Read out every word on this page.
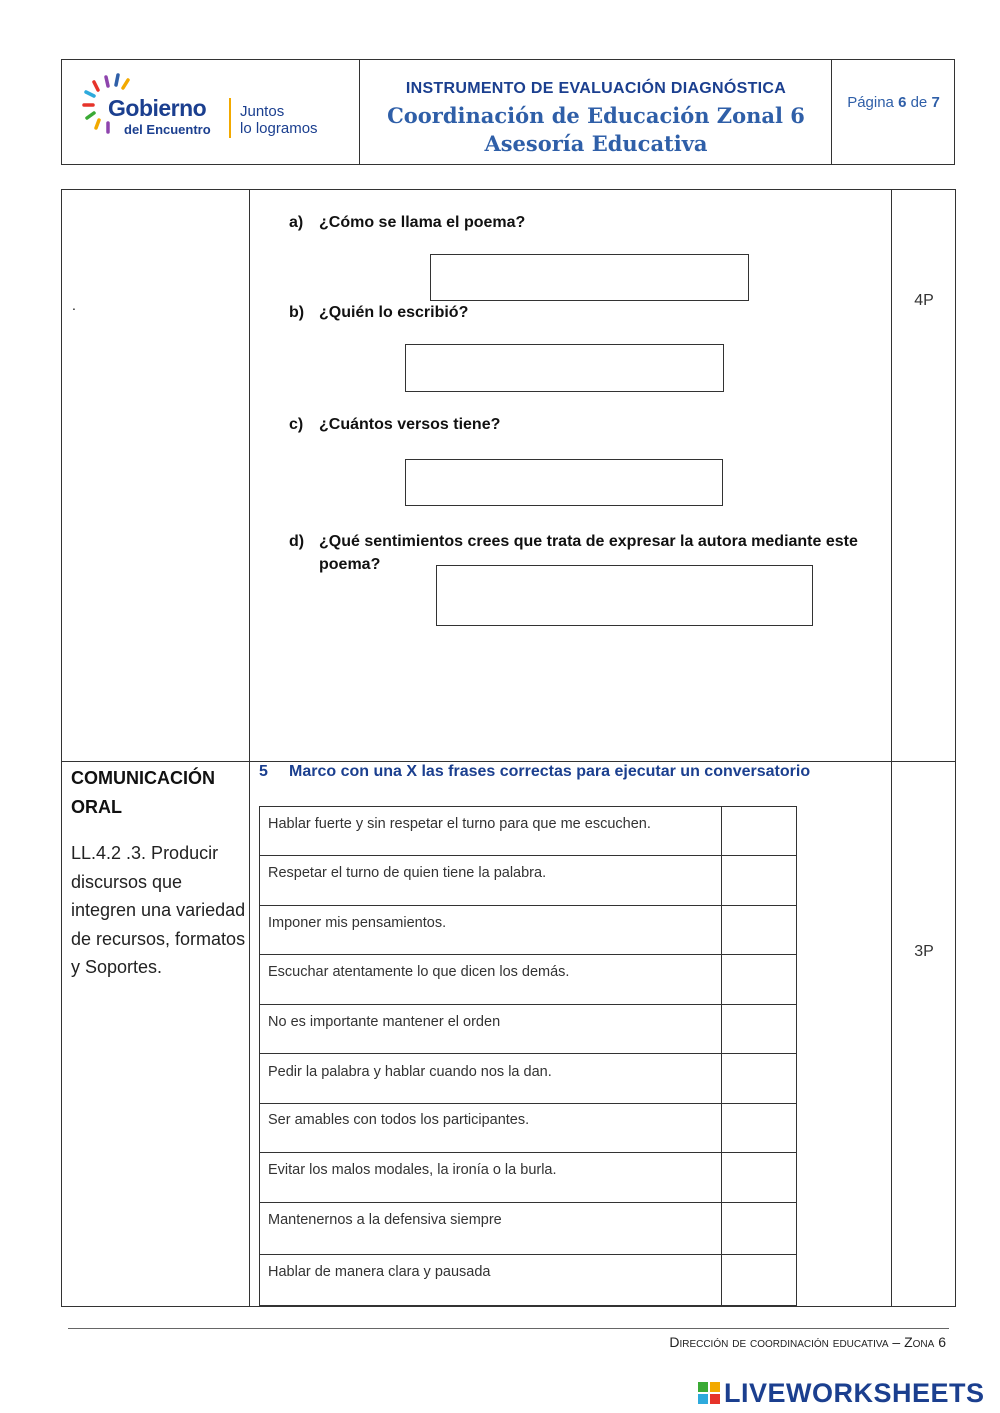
Gobierno
del Encuentro
Juntos
lo logramos
INSTRUMENTO DE EVALUACIÓN DIAGNÓSTICA
Coordinación de Educación Zonal 6
Asesoría Educativa
Página 6 de 7
.
a) ¿Cómo se llama el poema?
b) ¿Quién lo escribió?
c) ¿Cuántos versos tiene?
d) ¿Qué sentimientos crees que trata de expresar la autora mediante este poema?
4P
COMUNICACIÓN ORAL
LL.4.2 .3. Producir discursos que integren una variedad de recursos, formatos y Soportes.
5 Marco con una X las frases correctas para ejecutar un conversatorio
Hablar fuerte y sin respetar el turno para que me escuchen.
Respetar el turno de quien tiene la palabra.
Imponer mis pensamientos.
Escuchar atentamente lo que dicen los demás.
No es importante mantener el orden
Pedir la palabra y hablar cuando nos la dan.
Ser amables con todos los participantes.
Evitar los malos modales, la ironía o la burla.
Mantenernos a la defensiva siempre
Hablar de manera clara y pausada
3P
Dirección de coordinación educativa – Zona 6
LIVEWORKSHEETS
